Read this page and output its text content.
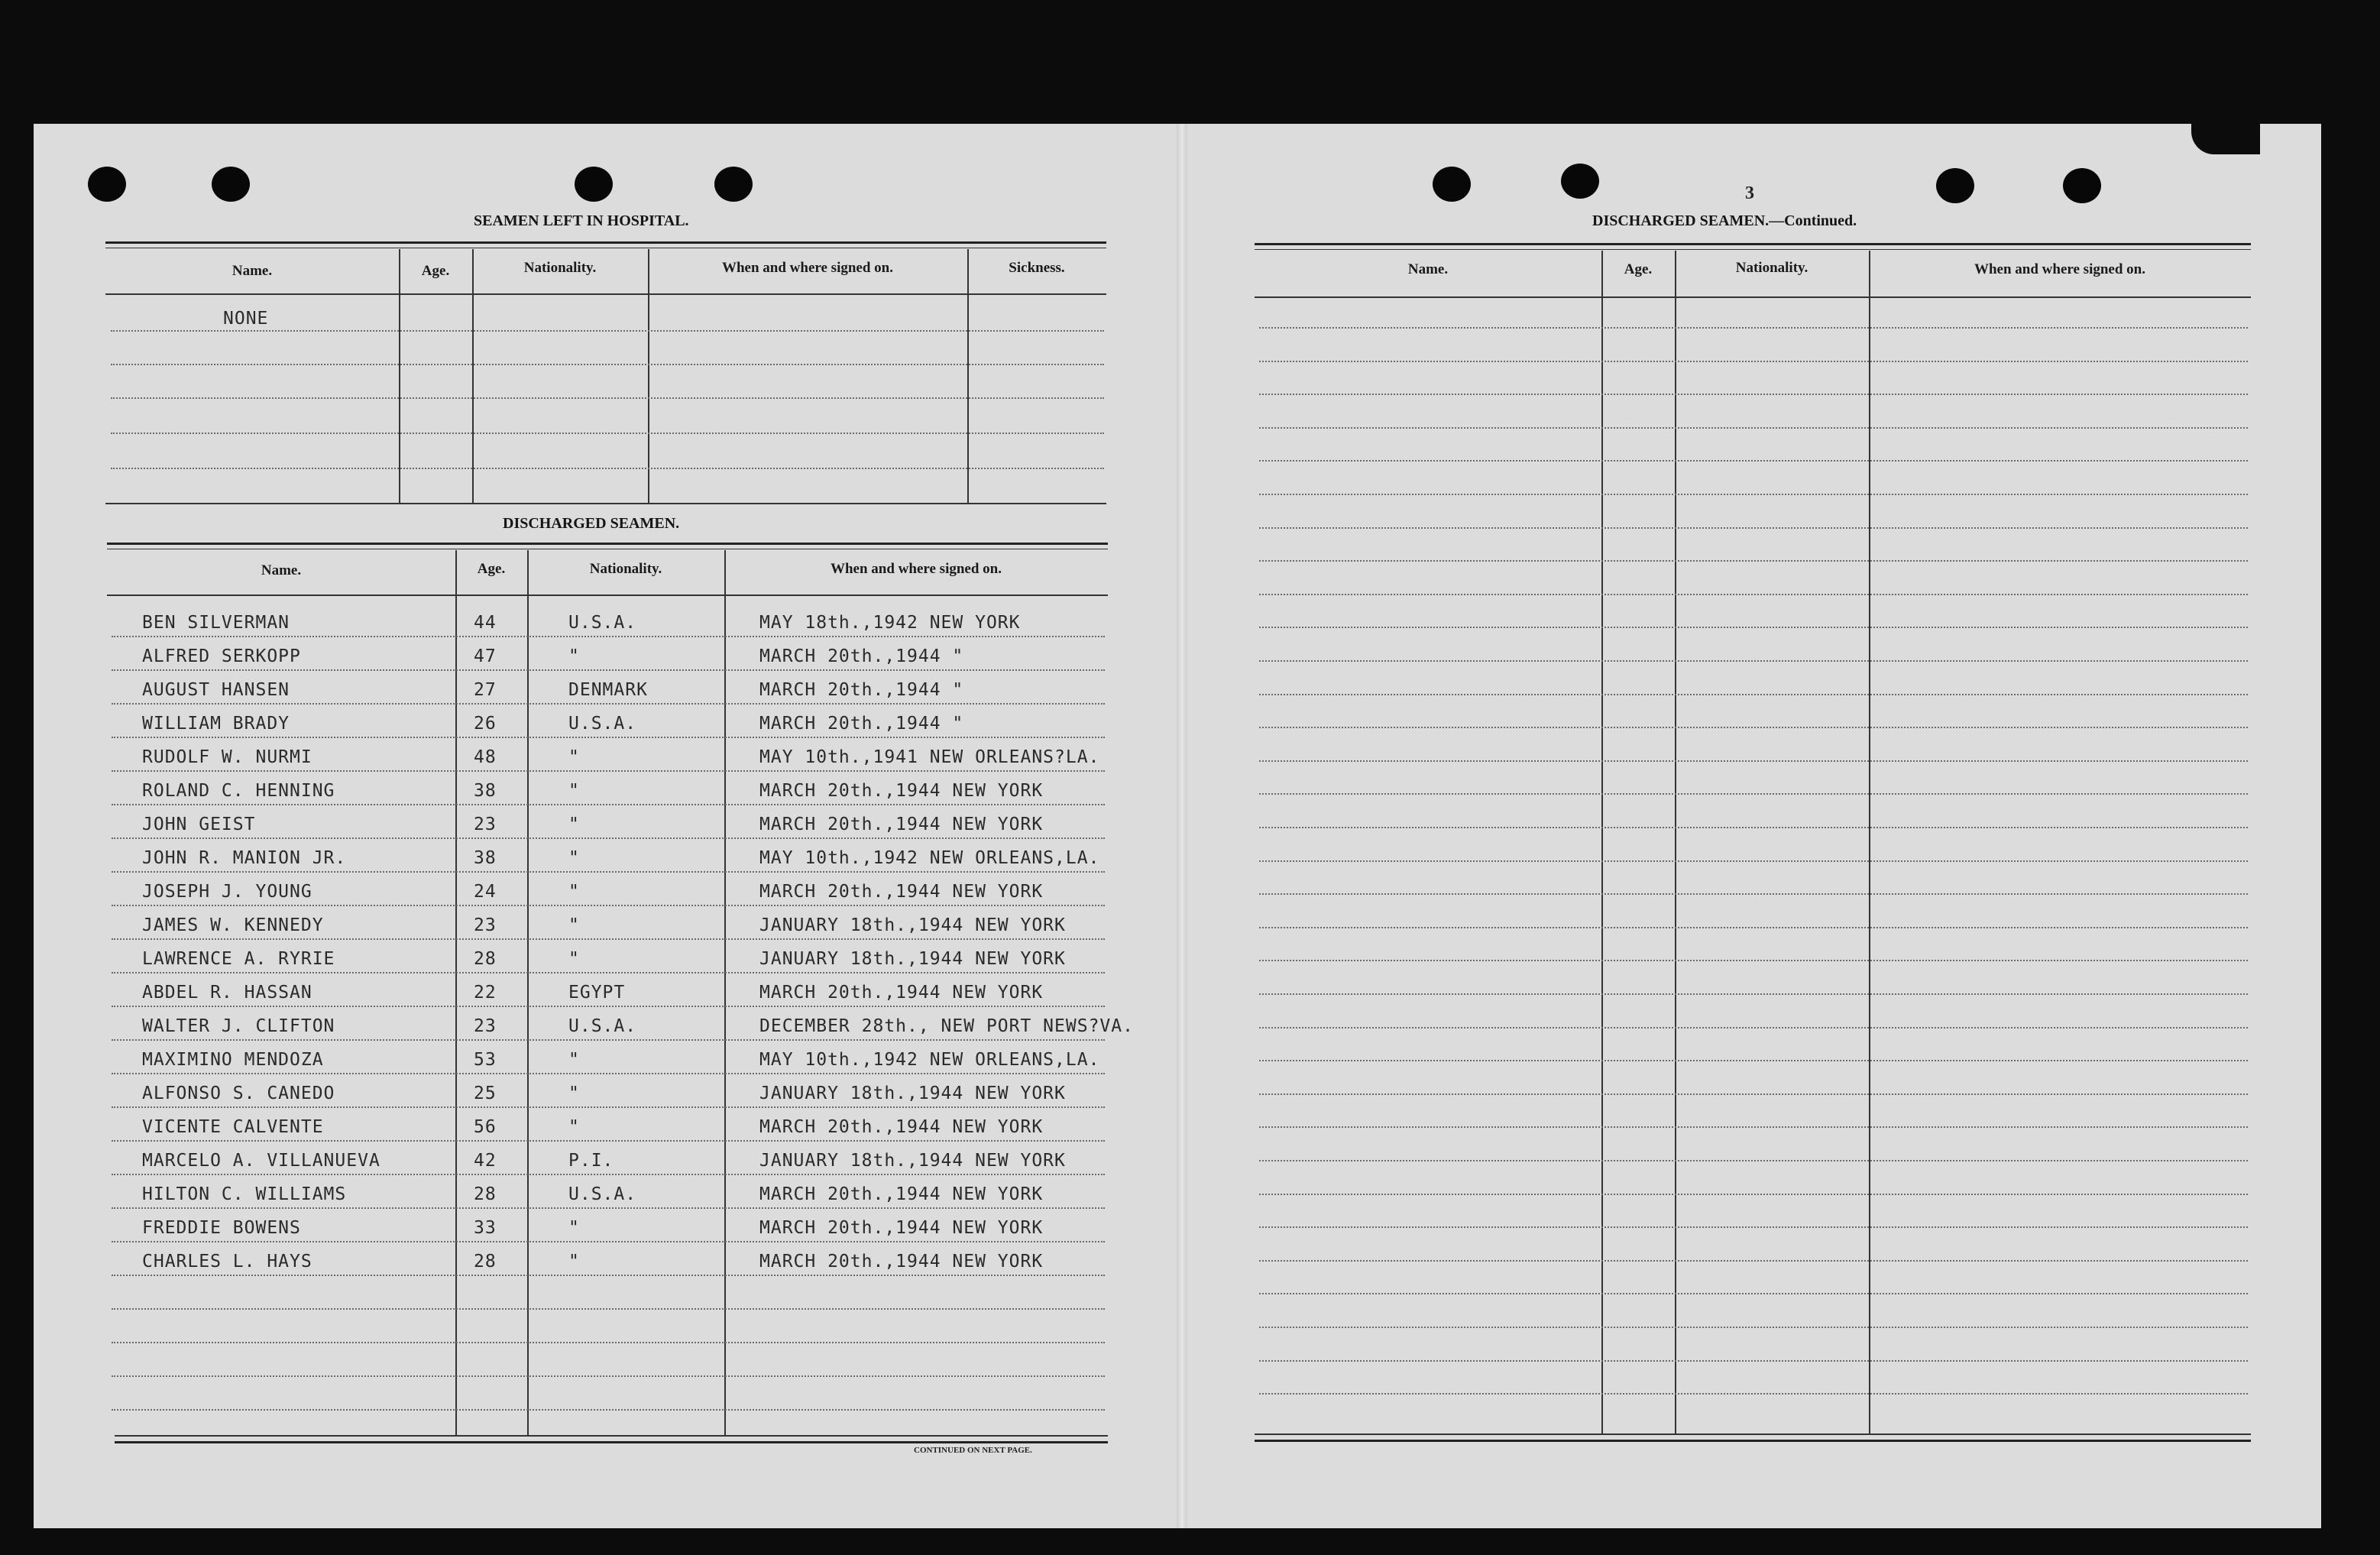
SEAMEN LEFT IN HOSPITAL.
Name.	Age.	Nationality.	When and where signed on.	Sickness.
NONE
DISCHARGED SEAMEN.
Name.	Age.	Nationality.	When and where signed on.
BEN SILVERMAN	44	U.S.A.	MAY 18th.,1942 NEW YORK
ALFRED SERKOPP	47	"	MARCH 20th.,1944 "
AUGUST HANSEN	27	DENMARK	MARCH 20th.,1944 "
WILLIAM BRADY	26	U.S.A.	MARCH 20th.,1944 "
RUDOLF W. NURMI	48	"	MAY 10th.,1941 NEW ORLEANS?LA.
ROLAND C. HENNING	38	"	MARCH 20th.,1944 NEW YORK
JOHN GEIST	23	"	MARCH 20th.,1944 NEW YORK
JOHN R. MANION JR.	38	"	MAY 10th.,1942 NEW ORLEANS,LA.
JOSEPH J. YOUNG	24	"	MARCH 20th.,1944 NEW YORK
JAMES W. KENNEDY	23	"	JANUARY 18th.,1944 NEW YORK
LAWRENCE A. RYRIE	28	"	JANUARY 18th.,1944 NEW YORK
ABDEL R. HASSAN	22	EGYPT	MARCH 20th.,1944 NEW YORK
WALTER J. CLIFTON	23	U.S.A.	DECEMBER 28th., NEW PORT NEWS?VA.
MAXIMINO MENDOZA	53	"	MAY 10th.,1942 NEW ORLEANS,LA.
ALFONSO S. CANEDO	25	"	JANUARY 18th.,1944 NEW YORK
VICENTE CALVENTE	56	"	MARCH 20th.,1944 NEW YORK
MARCELO A. VILLANUEVA	42	P.I.	JANUARY 18th.,1944 NEW YORK
HILTON C. WILLIAMS	28	U.S.A.	MARCH 20th.,1944 NEW YORK
FREDDIE BOWENS	33	"	MARCH 20th.,1944 NEW YORK
CHARLES L. HAYS	28	"	MARCH 20th.,1944 NEW YORK
CONTINUED ON NEXT PAGE.
3
DISCHARGED SEAMEN.—Continued.
Name.	Age.	Nationality.	When and where signed on.
